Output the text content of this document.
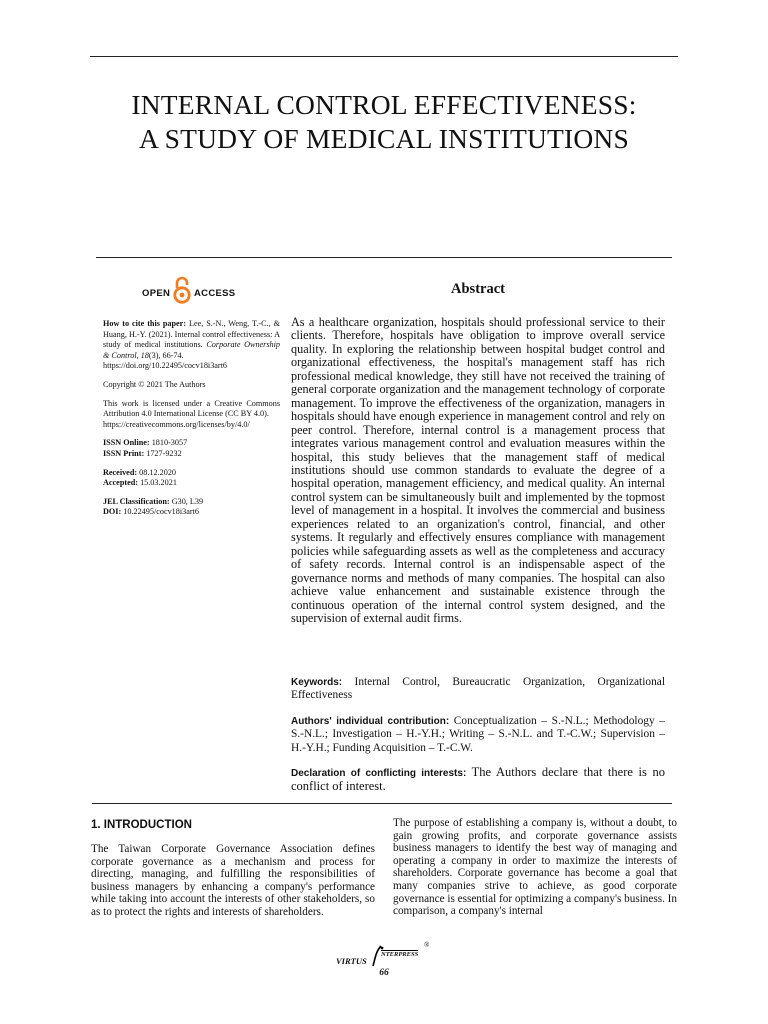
INTERNAL CONTROL EFFECTIVENESS:
A STUDY OF MEDICAL INSTITUTIONS
OPEN	ACCESS

How to cite this paper: Lee, S.-N., Weng, T.-C., & Huang, H.-Y. (2021). Internal control effectiveness: A study of medical institutions. Corporate Ownership & Control, 18(3), 66-74.
https://doi.org/10.22495/cocv18i3art6

Copyright © 2021 The Authors

This work is licensed under a Creative Commons Attribution 4.0 International License (CC BY 4.0).
https://creativecommons.org/licenses/by/4.0/

ISSN Online: 1810-3057
ISSN Print: 1727-9232

Received: 08.12.2020
Accepted: 15.03.2021

JEL Classification: G30, L39
DOI: 10.22495/cocv18i3art6

Abstract
As a healthcare organization, hospitals should professional service to their clients. Therefore, hospitals have obligation to improve overall service quality. In exploring the relationship between hospital budget control and organizational effectiveness, the hospital's management staff has rich professional medical knowledge, they still have not received the training of general corporate organization and the management technology of corporate management. To improve the effectiveness of the organization, managers in hospitals should have enough experience in management control and rely on peer control. Therefore, internal control is a management process that integrates various management control and evaluation measures within the hospital, this study believes that the management staff of medical institutions should use common standards to evaluate the degree of a hospital operation, management efficiency, and medical quality. An internal control system can be simultaneously built and implemented by the topmost level of management in a hospital. It involves the commercial and business experiences related to an organization's control, financial, and other systems. It regularly and effectively ensures compliance with management policies while safeguarding assets as well as the completeness and accuracy of safety records. Internal control is an indispensable aspect of the governance norms and methods of many companies. The hospital can also achieve value enhancement and sustainable existence through the continuous operation of the internal control system designed, and the supervision of external audit firms.
Keywords: Internal Control, Bureaucratic Organization, Organizational Effectiveness
Authors' individual contribution: Conceptualization – S.-N.L.; Methodology – S.-N.L.; Investigation – H.-Y.H.; Writing – S.-N.L. and T.-C.W.; Supervision – H.-Y.H.; Funding Acquisition – T.-C.W.
Declaration of conflicting interests: The Authors declare that there is no conflict of interest.
1. INTRODUCTION
The Taiwan Corporate Governance Association defines corporate governance as a mechanism and process for directing, managing, and fulfilling the responsibilities of business managers by enhancing a company's performance while taking into account the interests of other stakeholders, so as to protect the rights and interests of shareholders.
The purpose of establishing a company is, without a doubt, to gain growing profits, and corporate governance assists business managers to identify the best way of managing and operating a company in order to maximize the interests of shareholders. Corporate governance has become a goal that many companies strive to achieve, as good corporate governance is essential for optimizing a company's business. In comparison, a company's internal
VIRTUS
NTERPRESS
®
66
